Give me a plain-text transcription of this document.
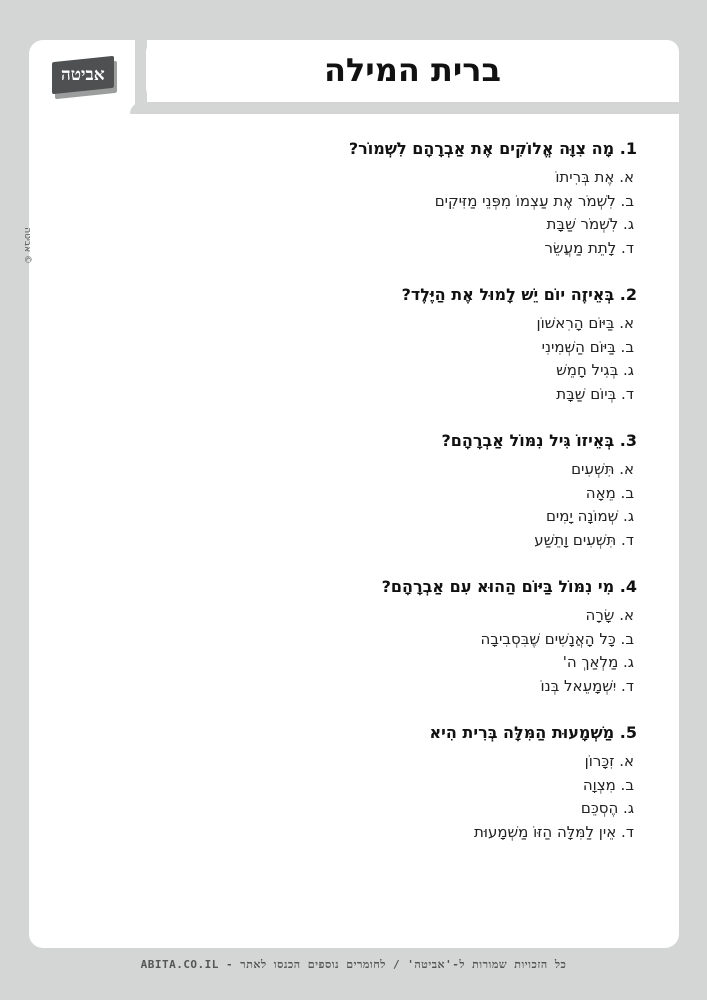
ברית המילה
אביטה
© אביטה
1. מָה צִוָּה אֱלוֹקִים אֶת אַבְרָהָם לִשְׁמוֹר?
א. אֶת בְּרִיתוֹ
ב. לִשְׁמֹר אֶת עַצְמוֹ מִפְּנֵי מַזִּיקִים
ג. לִשְׁמֹר שַׁבָּת
ד. לָתֵת מַעֲשֵׂר
2. בְּאֵיזֶה יוֹם יֵשׁ לָמוּל אֶת הַיֶּלֶד?
א. בַּיּוֹם הָרִאשׁוֹן
ב. בַּיּוֹם הַשְּׁמִינִי
ג. בְּגִיל חָמֵשׁ
ד. בְּיוֹם שַׁבָּת
3. בְּאֵיזוֹ גִּיל נִמּוֹל אַבְרָהָם?
א. תִּשְׁעִים
ב. מֵאָה
ג. שְׁמוֹנָה יָמִים
ד. תִּשְׁעִים וָתֵשַׁע
4. מִי נִמּוֹל בַּיּוֹם הַהוּא עִם אַבְרָהָם?
א. שָׂרָה
ב. כָּל הָאֲנָשִׁים שֶׁבִּסְבִיבָה
ג. מַלְאַךְ ה'
ד. יִשְׁמָעֵאל בְּנוֹ
5. מַשְׁמָעוּת הַמִּלָּה בְּרִית הִיא
א. זִכָּרוֹן
ב. מִצְוָה
ג. הֶסְכֵּם
ד. אֵין לַמִּלָּה הַזּוֹ מַשְׁמָעוּת
כל הזכויות שמורות ל-'אביטה' / לחומרים נוספים הכנסו לאתר - ABITA.CO.IL
